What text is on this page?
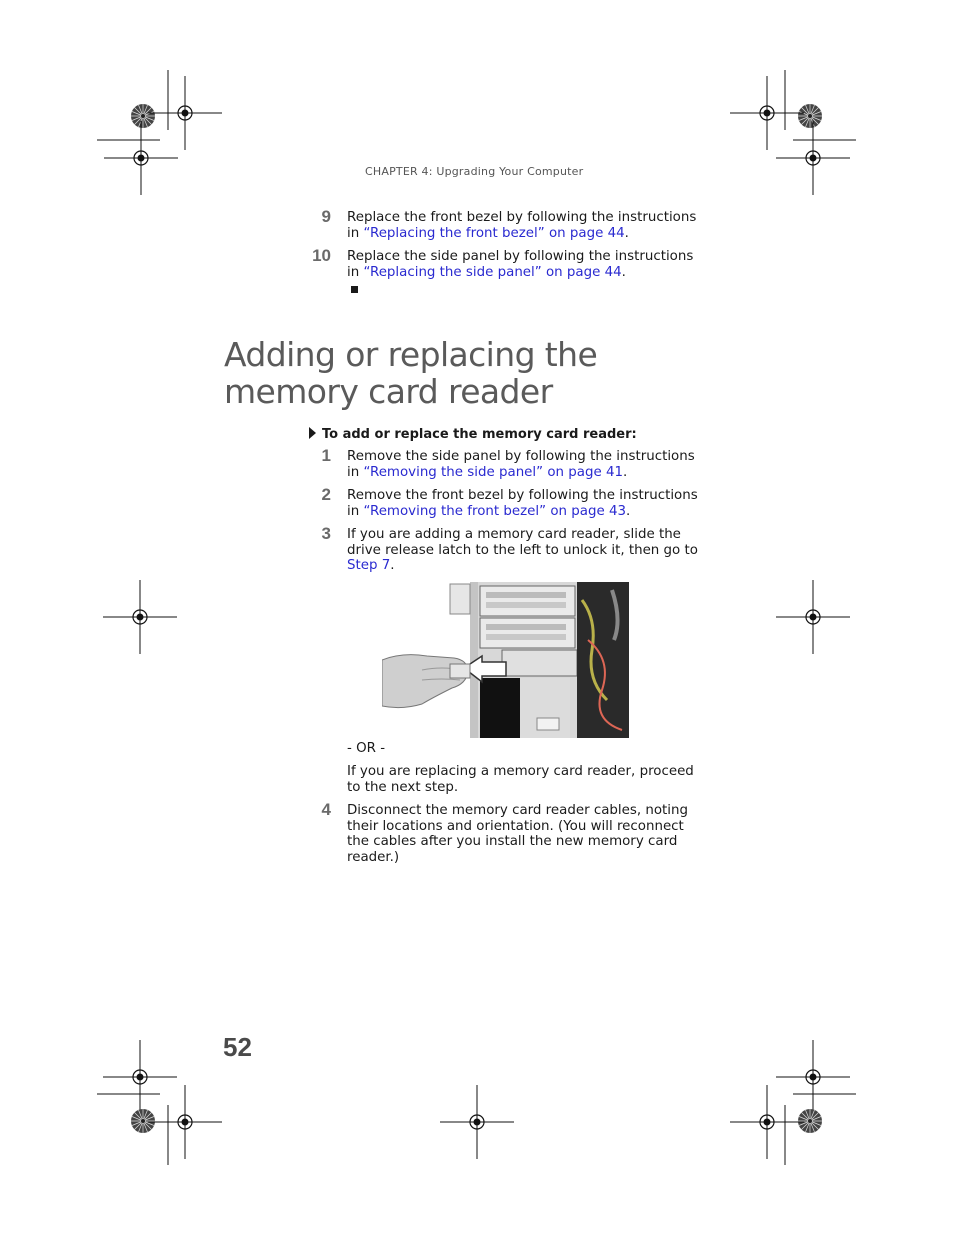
CHAPTER 4: Upgrading Your Computer
9 Replace the front bezel by following the instructions in “Replacing the front bezel” on page 44.
10 Replace the side panel by following the instructions in “Replacing the side panel” on page 44.
Adding or replacing the
memory card reader
To add or replace the memory card reader:
1 Remove the side panel by following the instructions in “Removing the side panel” on page 41.
2 Remove the front bezel by following the instructions in “Removing the front bezel” on page 43.
3 If you are adding a memory card reader, slide the drive release latch to the left to unlock it, then go to Step 7.
- OR -
If you are replacing a memory card reader, proceed to the next step.
4 Disconnect the memory card reader cables, noting their locations and orientation. (You will reconnect the cables after you install the new memory card reader.)
52
